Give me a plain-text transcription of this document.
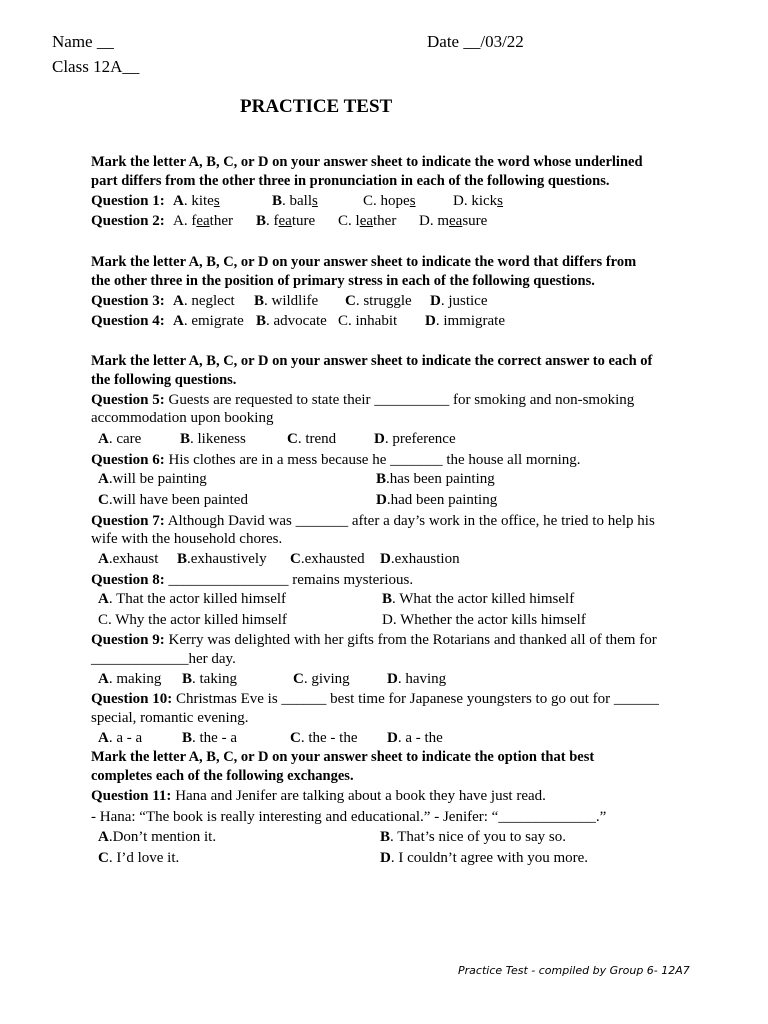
Name __	Date __/03/22
Class 12A__
PRACTICE TEST
Mark the letter A, B, C, or D on your answer sheet to indicate the word whose underlined
part differs from the other three in pronunciation in each of the following questions.
Question 1: A. kites	B. balls	C. hopes D. kicks
Question 2: A. feather B. feature C. leather D. measure
Mark the letter A, B, C, or D on your answer sheet to indicate the word that differs from
the other three in the position of primary stress in each of the following questions.
Question 3: A. neglect B. wildlife C. struggle D. justice
Question 4: A. emigrate B. advocate C. inhabit D. immigrate
Mark the letter A, B, C, or D on your answer sheet to indicate the correct answer to each of
the following questions.
Question 5: Guests are requested to state their __________ for smoking and non-smoking
accommodation upon booking
A. care	B. likeness	C. trend	D. preference
Question 6: His clothes are in a mess because he _______ the house all morning.
A.will be painting	B.has been painting
C.will have been painted	D.had been painting
Question 7: Although David was _______ after a day’s work in the office, he tried to help his
wife with the household chores.
A.exhaust B.exhaustively C.exhausted D.exhaustion
Question 8: ________________ remains mysterious.
A. That the actor killed himself	B. What the actor killed himself
C. Why the actor killed himself	D. Whether the actor kills himself
Question 9: Kerry was delighted with her gifts from the Rotarians and thanked all of them for
_____________her day.
A. making B. taking	C. giving D. having
Question 10: Christmas Eve is ______ best time for Japanese youngsters to go out for ______
special, romantic evening.
A. a - a	B. the - a	C. the - the D. a - the
Mark the letter A, B, C, or D on your answer sheet to indicate the option that best
completes each of the following exchanges.
Question 11: Hana and Jenifer are talking about a book they have just read.
- Hana: “The book is really interesting and educational.” - Jenifer: “_____________.”
A.Don’t mention it.	B. That’s nice of you to say so.
C. I’d love it.	D. I couldn’t agree with you more.
Practice Test - compiled by Group 6- 12A7
